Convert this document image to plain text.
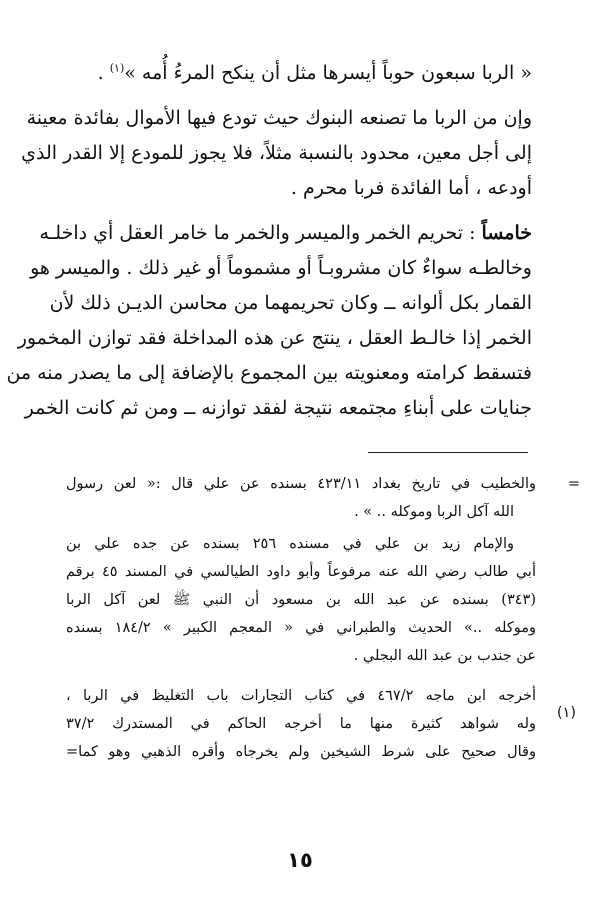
« الربا سبعون حوباً أيسرها مثل أن ينكح المرءُ أُمه »$^{(١)}$ .
وإن من الربا ما تصنعه البنوك حيث تودع فيها الأموال بفائدة معينة
إلى أجل معين، محدود بالنسبة مثلاً، فلا يجوز للمودع إلا القدر الذي
أودعه ، أما الفائدة فربا محرم .
خامساً : تحريم الخمر والميسر والخمر ما خامر العقل أي داخلـه
وخالطـه سواءٌ كان مشروبـاً أو مشموماً أو غير ذلك . والميسر هو
القمار بكل ألوانه ــ وكان تحريمهما من محاسن الديـن ذلك لأن
الخمر إذا خالـط العقل ، ينتج عن هذه المداخلة فقد توازن المخمور
فتسقط كرامته ومعنويته بين المجموع بالإضافة إلى ما يصدر منه من
جنايات على أبناءِ مجتمعه نتيجة لفقد توازنه ــ ومن ثم كانت الخمر
=
والخطيب في تاريخ بغداد ٤٢٣/١١ بسنده عن علي قال :« لعن رسول
الله آكل الربا وموكله .. » .
والإمام زيد بن علي في مسنده ٢٥٦ بسنده عن جده علي بن
أبي طالب رضي الله عنه مرفوعاً وأبو داود الطيالسي في المسند ٤٥ برقم
(٣٤٣) بسنده عن عبد الله بن مسعود أن النبي ﷺ لعن آكل الربا
وموكله ..» الحديث والطبراني في « المعجم الكبير » ١٨٤/٢ بسنده
عن جندب بن عبد الله البجلي .
(١)
أخرجه ابن ماجه ٤٦٧/٢ في كتاب التجارات باب التغليظ في الربا ،
وله شواهد كثيرة منها ما أخرجه الحاكم في المستدرك ٣٧/٢
وقال صحيح على شرط الشيخين ولم يخرجاه وأقره الذهبي وهو كما=
١٥
